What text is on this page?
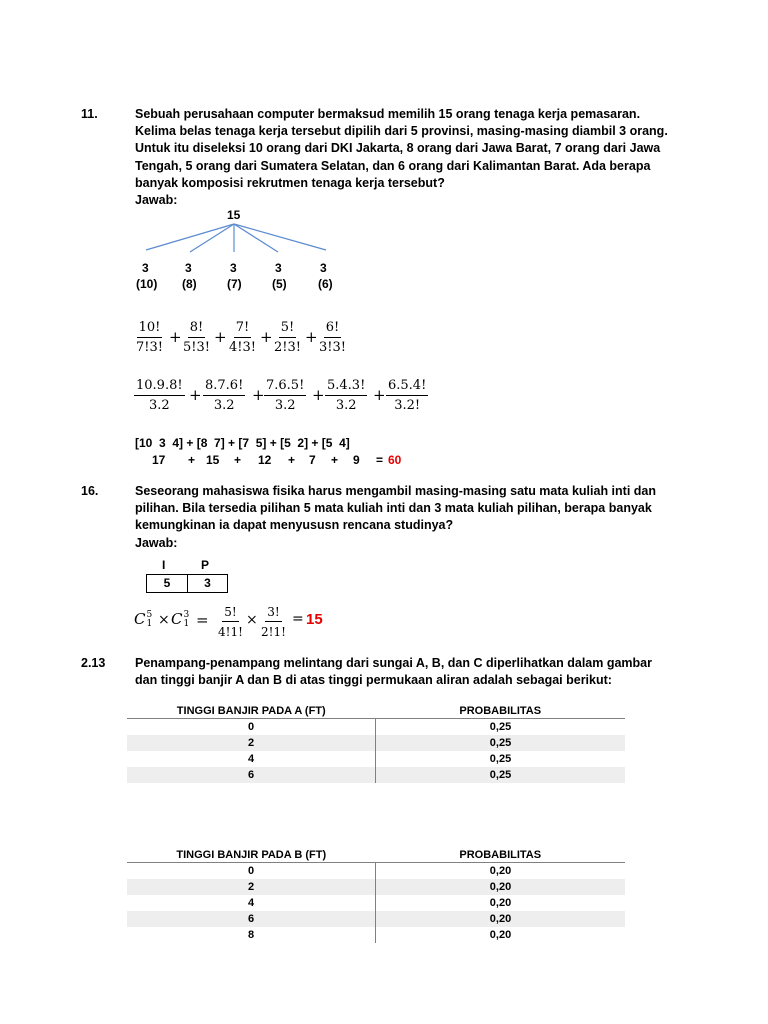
11.	Sebuah perusahaan computer bermaksud memilih 15 orang tenaga kerja pemasaran.
Kelima belas tenaga kerja tersebut dipilih dari 5 provinsi, masing-masing diambil 3 orang.
Untuk itu diseleksi 10 orang dari DKI Jakarta, 8 orang dari Jawa Barat, 7 orang dari Jawa
Tengah, 5 orang dari Sumatera Selatan, dan 6 orang dari Kalimantan Barat. Ada berapa
banyak komposisi rekrutmen tenaga kerja tersebut?
Jawab:
15
3	3	3	3	3
(10) (8)	(7)	(5)	(6)
$\frac{10!}{7!3!} + \frac{8!}{5!3!} + \frac{7!}{4!3!} + \frac{5!}{2!3!} + \frac{6!}{3!3!}$
$\frac{10.9.8!}{3.2} + \frac{8.7.6!}{3.2} + \frac{7.6.5!}{3.2} + \frac{5.4.3!}{3.2} + \frac{6.5.4!}{3.2!}$
[10  3  4] + [8  7] + [7  5] + [5  2] + [5  4]
17 + 15 + 12 + 7 + 9 = 60
16.	Seseorang mahasiswa fisika harus mengambil masing-masing satu mata kuliah inti dan
pilihan. Bila tersedia pilihan 5 mata kuliah inti dan 3 mata kuliah pilihan, berapa banyak
kemungkinan ia dapat menyususn rencana studinya?
Jawab:
I	P
5	3
C 5
1 × C 3
$1 = \frac{5!}{4!1!} \times \frac{3!}{2!1!} = 15$
2.13 Penampang-penampang melintang dari sungai A, B, dan C diperlihatkan dalam gambar
dan tinggi banjir A dan B di atas tinggi permukaan aliran adalah sebagai berikut:
TINGGI BANJIR PADA A (FT)	PROBABILITAS
0	0,25
2	0,25
4	0,25
6	0,25
TINGGI BANJIR PADA B (FT)	PROBABILITAS
0	0,20
2	0,20
4	0,20
6	0,20
8	0,20
